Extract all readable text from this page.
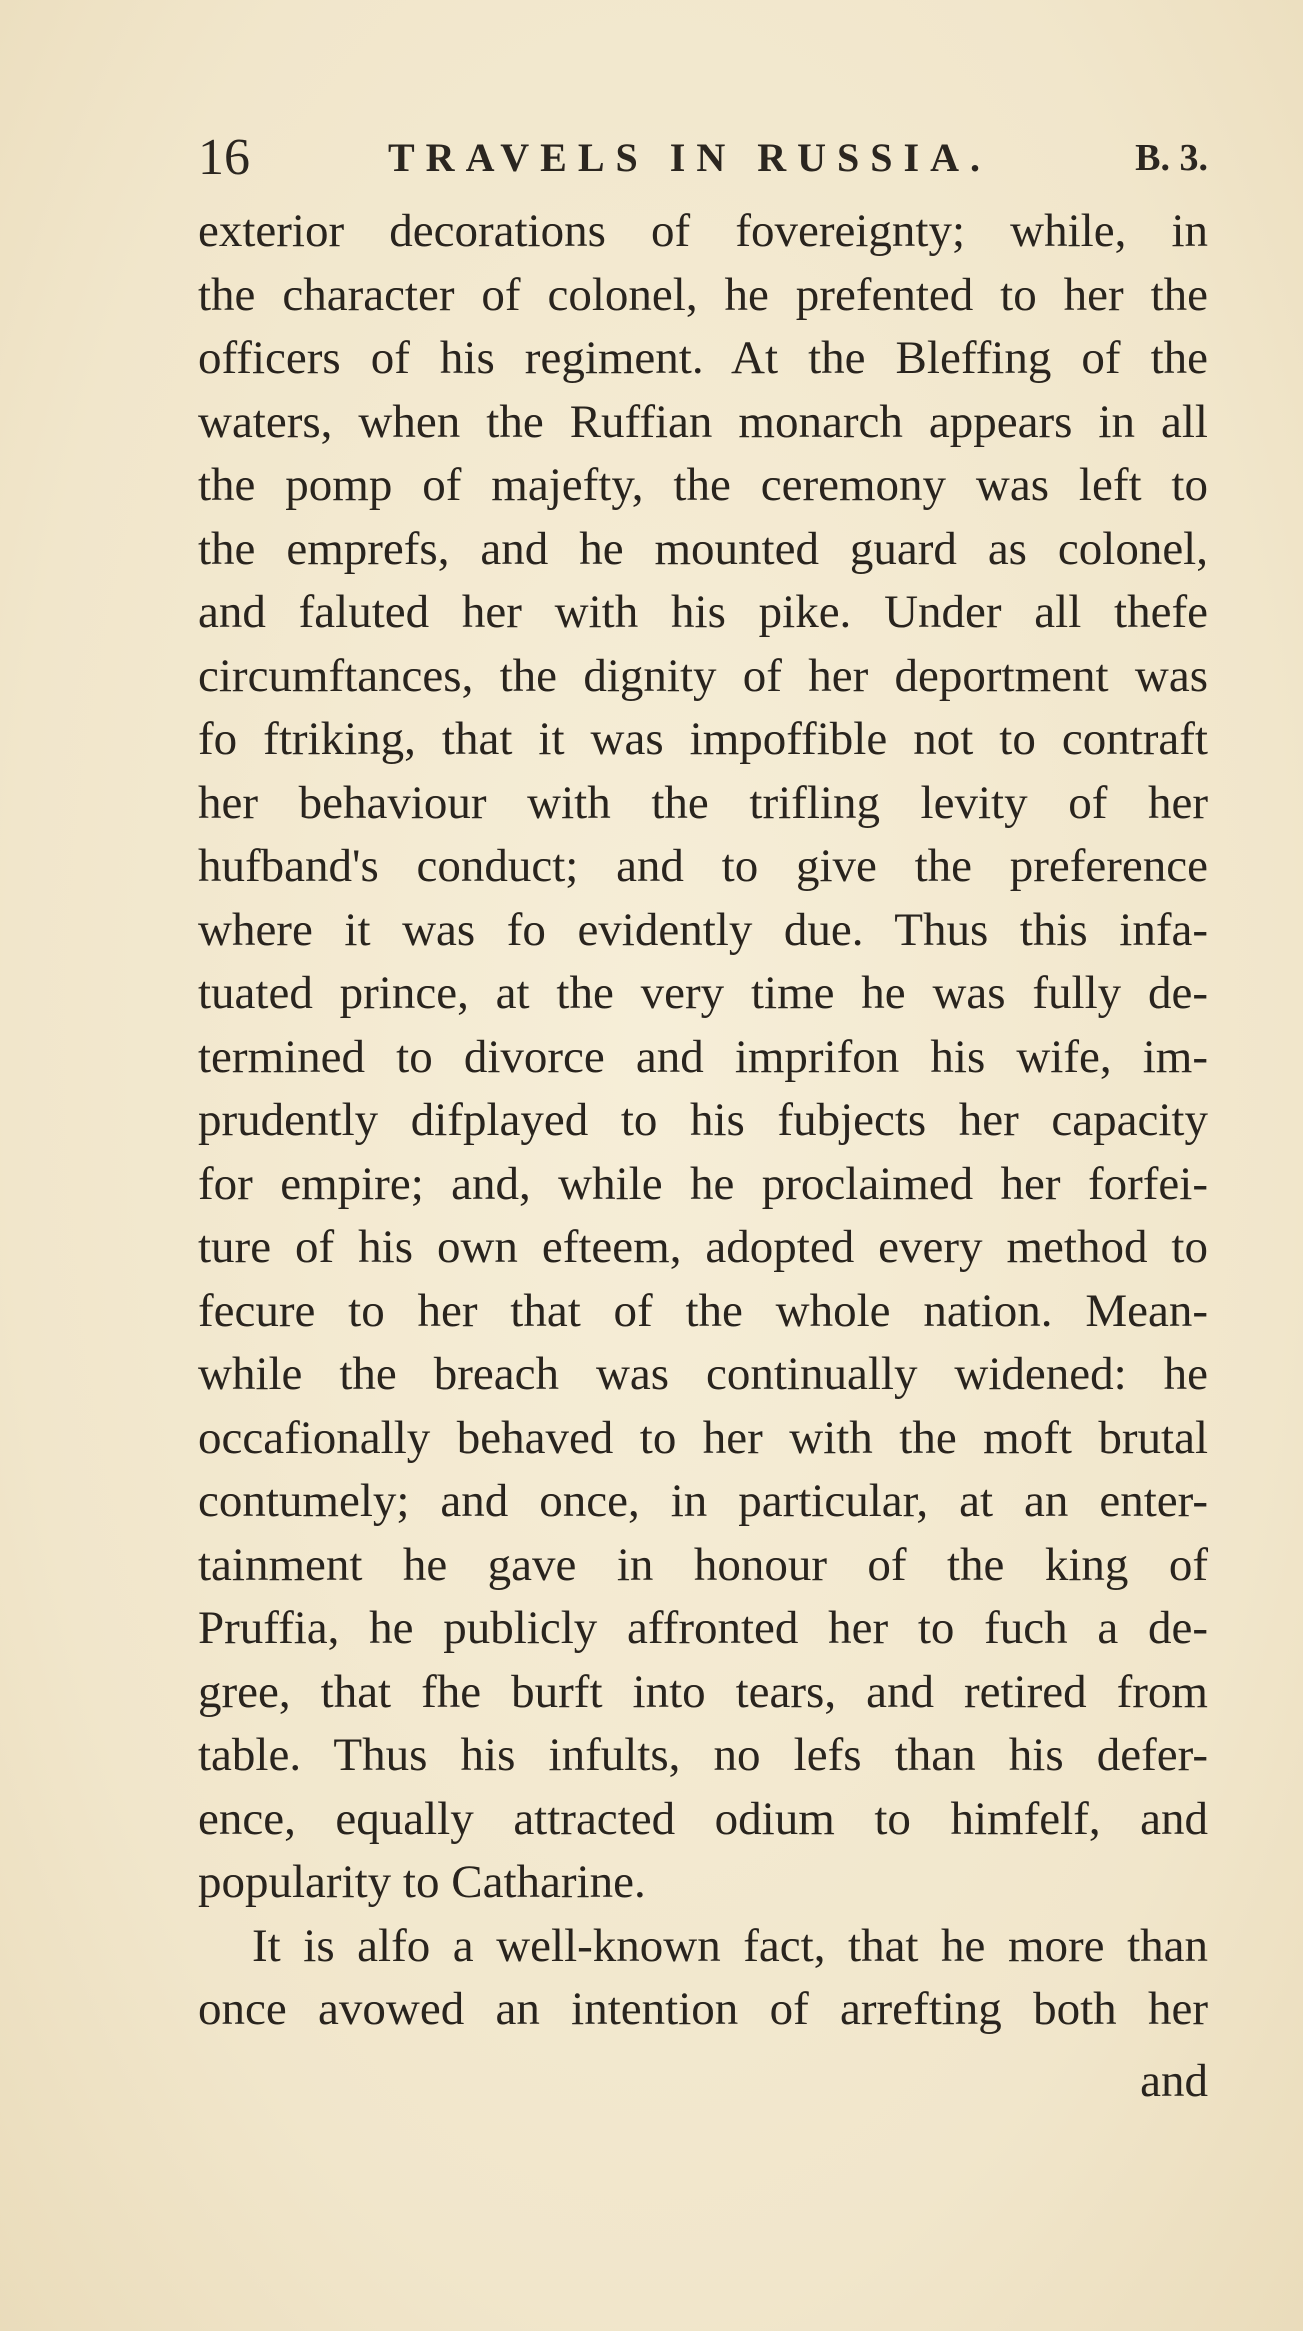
16	TRAVELS IN RUSSIA.	B. 3.
exterior decorations of fovereignty; while, in
the character of colonel, he prefented to her the
officers of his regiment. At the Bleffing of the
waters, when the Ruffian monarch appears in all
the pomp of majefty, the ceremony was left to
the emprefs, and he mounted guard as colonel,
and faluted her with his pike. Under all thefe
circumftances, the dignity of her deportment was
fo ftriking, that it was impoffible not to contraft
her behaviour with the trifling levity of her
hufband's conduct; and to give the preference
where it was fo evidently due. Thus this infa-
tuated prince, at the very time he was fully de-
termined to divorce and imprifon his wife, im-
prudently difplayed to his fubjects her capacity
for empire; and, while he proclaimed her forfei-
ture of his own efteem, adopted every method to
fecure to her that of the whole nation. Mean-
while the breach was continually widened: he
occafionally behaved to her with the moft brutal
contumely; and once, in particular, at an enter-
tainment he gave in honour of the king of
Pruffia, he publicly affronted her to fuch a de-
gree, that fhe burft into tears, and retired from
table. Thus his infults, no lefs than his defer-
ence, equally attracted odium to himfelf, and
popularity to Catharine.
It is alfo a well-known fact, that he more than
once avowed an intention of arrefting both her
and
